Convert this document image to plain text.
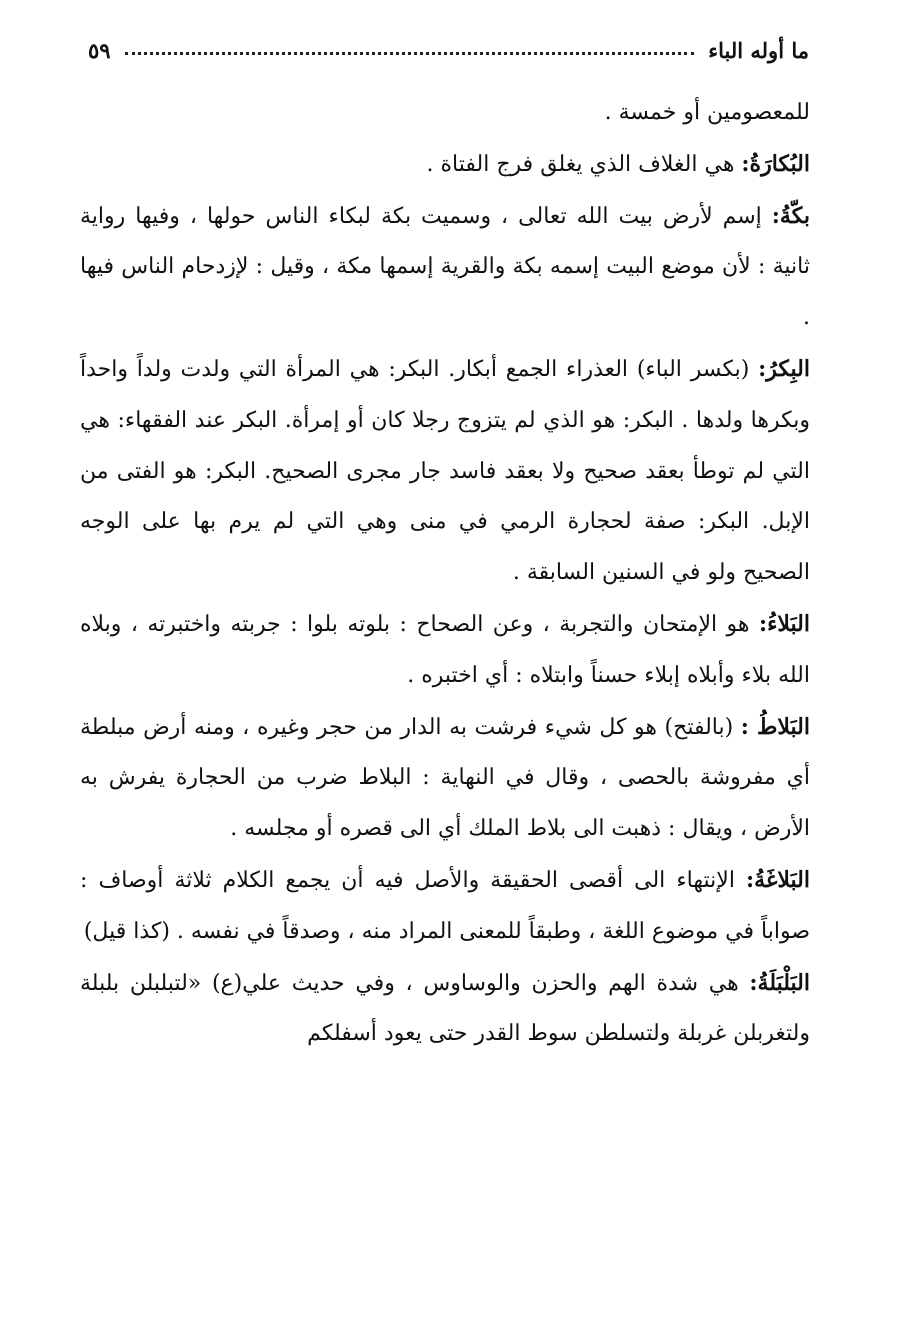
ما أوله الباء
٥٩

للمعصومين أو خمسة .

البُكارَةُ: هي الغلاف الذي يغلق فرج الفتاة .

بكّةُ: إسم لأرض بيت الله تعالى ، وسميت بكة لبكاء الناس حولها ، وفيها رواية ثانية : لأن موضع البيت إسمه بكة والقرية إسمها مكة ، وقيل : لإزدحام الناس فيها .

البِكرُ: (بكسر الباء) العذراء الجمع أبكار. البكر: هي المرأة التي ولدت ولداً واحداً وبكرها ولدها . البكر: هو الذي لم يتزوج رجلا كان أو إمرأة. البكر عند الفقهاء: هي التي لم توطأ بعقد صحيح ولا بعقد فاسد جار مجرى الصحيح. البكر: هو الفتى من الإبل. البكر: صفة لحجارة الرمي في منى وهي التي لم يرم بها على الوجه الصحيح ولو في السنين السابقة .

البَلاءُ: هو الإمتحان والتجربة ، وعن الصحاح : بلوته بلوا : جربته واختبرته ، وبلاه الله بلاء وأبلاه إبلاء حسناً وابتلاه : أي اختبره .

البَلاطُ : (بالفتح) هو كل شيء فرشت به الدار من حجر وغيره ، ومنه أرض مبلطة أي مفروشة بالحصى ، وقال في النهاية : البلاط ضرب من الحجارة يفرش به الأرض ، ويقال : ذهبت الى بلاط الملك أي الى قصره أو مجلسه .

البَلاغَةُ: الإنتهاء الى أقصى الحقيقة والأصل فيه أن يجمع الكلام ثلاثة أوصاف : صواباً في موضوع اللغة ، وطبقاً للمعنى المراد منه ، وصدقاً في نفسه . (كذا قيل)

البَلْبَلَةُ: هي شدة الهم والحزن والوساوس ، وفي حديث علي(ع) «لتبلبلن بلبلة ولتغربلن غربلة ولتسلطن سوط القدر حتى يعود أسفلكم
